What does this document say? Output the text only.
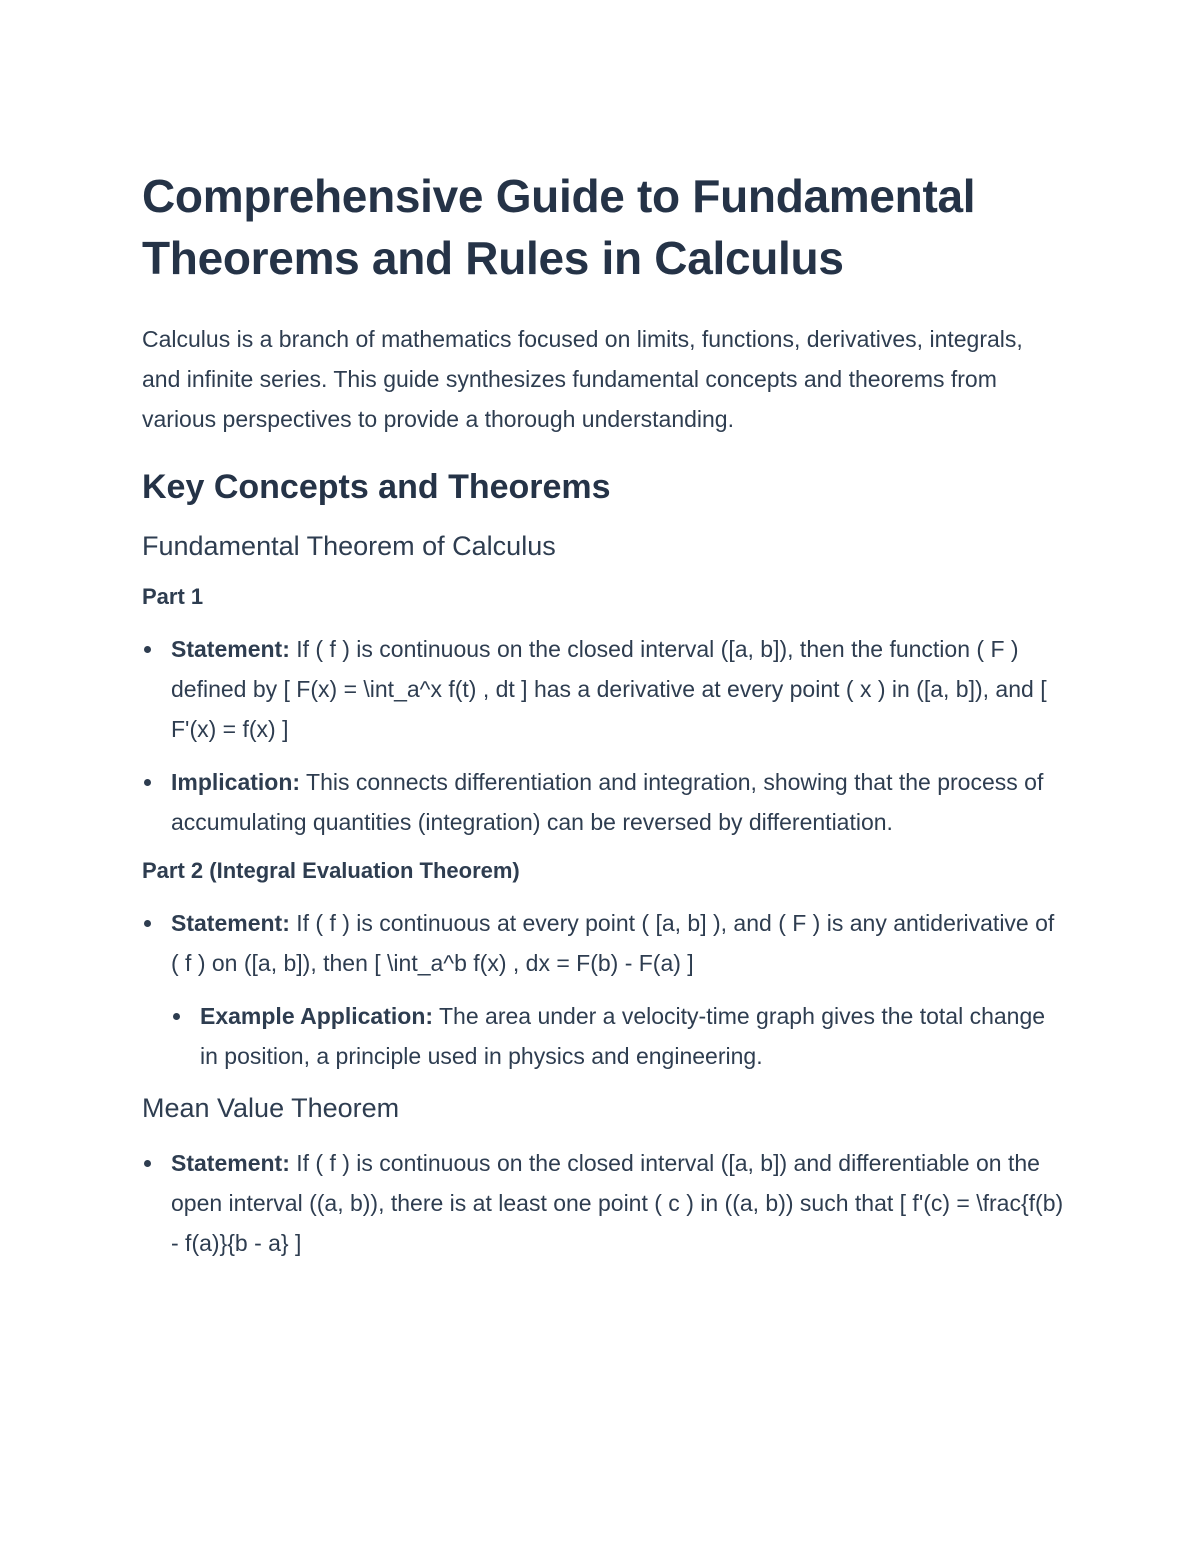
Comprehensive Guide to Fundamental Theorems and Rules in Calculus

Calculus is a branch of mathematics focused on limits, functions, derivatives, integrals, and infinite series. This guide synthesizes fundamental concepts and theorems from various perspectives to provide a thorough understanding.

Key Concepts and Theorems
Fundamental Theorem of Calculus
Part 1
Statement: If ( f ) is continuous on the closed interval ([a, b]), then the function ( F ) defined by [ F(x) = \int_a^x f(t) , dt ] has a derivative at every point ( x ) in ([a, b]), and [ F'(x) = f(x) ]
Implication: This connects differentiation and integration, showing that the process of accumulating quantities (integration) can be reversed by differentiation.
Part 2 (Integral Evaluation Theorem)
Statement: If ( f ) is continuous at every point ( [a, b] ), and ( F ) is any antiderivative of ( f ) on ([a, b]), then [ \int_a^b f(x) , dx = F(b) - F(a) ]
Example Application: The area under a velocity-time graph gives the total change in position, a principle used in physics and engineering.
Mean Value Theorem
Statement: If ( f ) is continuous on the closed interval ([a, b]) and differentiable on the open interval ((a, b)), there is at least one point ( c ) in ((a, b)) such that [ f'(c) = \frac{f(b) - f(a)}{b - a} ]
